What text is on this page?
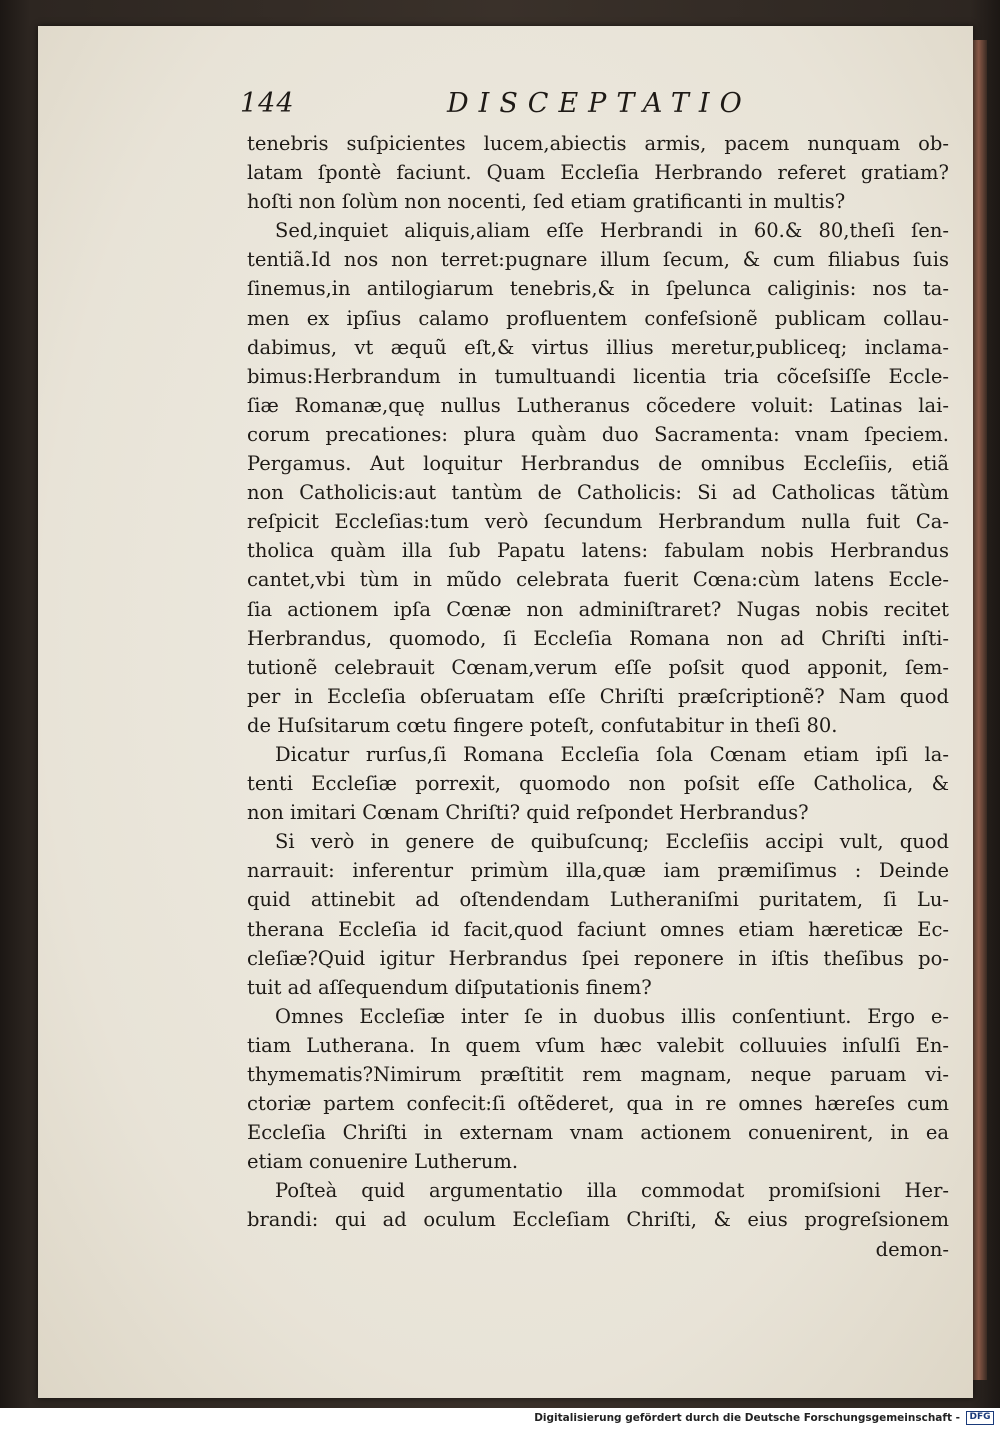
144	DISCEPTATIO
tenebris suſpicientes lucem,abiectis armis, pacem nunquam ob-
latam ſpontè faciunt. Quam Eccleſia Herbrando referet gratiam?
hoſti non ſolùm non nocenti, ſed etiam gratificanti in multis?
Sed,inquiet aliquis,aliam eſſe Herbrandi in 60.& 80,theſi ſen-
tentiã.Id nos non terret:pugnare illum ſecum, & cum filiabus ſuis
ſinemus,in antilogiarum tenebris,& in ſpelunca caliginis: nos ta-
men ex ipſius calamo profluentem confeſsionẽ publicam collau-
dabimus, vt æquũ eſt,& virtus illius meretur,publiceq; inclama-
bimus:Herbrandum in tumultuandi licentia tria cõceſsiſſe Eccle-
ſiæ Romanæ,quę nullus Lutheranus cõcedere voluit: Latinas lai-
corum precationes: plura quàm duo Sacramenta: vnam ſpeciem.
Pergamus. Aut loquitur Herbrandus de omnibus Eccleſiis, etiã
non Catholicis:aut tantùm de Catholicis: Si ad Catholicas tãtùm
reſpicit Eccleſias:tum verò ſecundum Herbrandum nulla fuit Ca-
tholica quàm illa ſub Papatu latens: fabulam nobis Herbrandus
cantet,vbi tùm in mũdo celebrata fuerit Cœna:cùm latens Eccle-
ſia actionem ipſa Cœnæ non adminiſtraret? Nugas nobis recitet
Herbrandus, quomodo, ſi Eccleſia Romana non ad Chriſti inſti-
tutionẽ celebrauit Cœnam,verum eſſe poſsit quod apponit, ſem-
per in Eccleſia obſeruatam eſſe Chriſti præſcriptionẽ? Nam quod
de Huſsitarum cœtu fingere poteſt, confutabitur in theſi 80.
Dicatur rurſus,ſi Romana Eccleſia ſola Cœnam etiam ipſi la-
tenti Eccleſiæ porrexit, quomodo non poſsit eſſe Catholica, &
non imitari Cœnam Chriſti? quid reſpondet Herbrandus?
Si verò in genere de quibuſcunq; Eccleſiis accipi vult, quod
narrauit: inferentur primùm illa,quæ iam præmiſimus : Deinde
quid attinebit ad oſtendendam Lutheraniſmi puritatem, ſi Lu-
therana Eccleſia id facit,quod faciunt omnes etiam hæreticæ Ec-
cleſiæ?Quid igitur Herbrandus ſpei reponere in iſtis theſibus po-
tuit ad aſſequendum diſputationis finem?
Omnes Eccleſiæ inter ſe in duobus illis conſentiunt. Ergo e-
tiam Lutherana. In quem vſum hæc valebit colluuies inſulſi En-
thymematis?Nimirum præſtitit rem magnam, neque paruam vi-
ctoriæ partem confecit:ſi oſtẽderet, qua in re omnes hæreſes cum
Eccleſia Chriſti in externam vnam actionem conuenirent, in ea
etiam conuenire Lutherum.
Poſteà quid argumentatio illa commodat promiſsioni Her-
brandi: qui ad oculum Eccleſiam Chriſti, & eius progreſsionem
demon-
Digitalisierung gefördert durch die Deutsche Forschungsgemeinschaft -	DFG
